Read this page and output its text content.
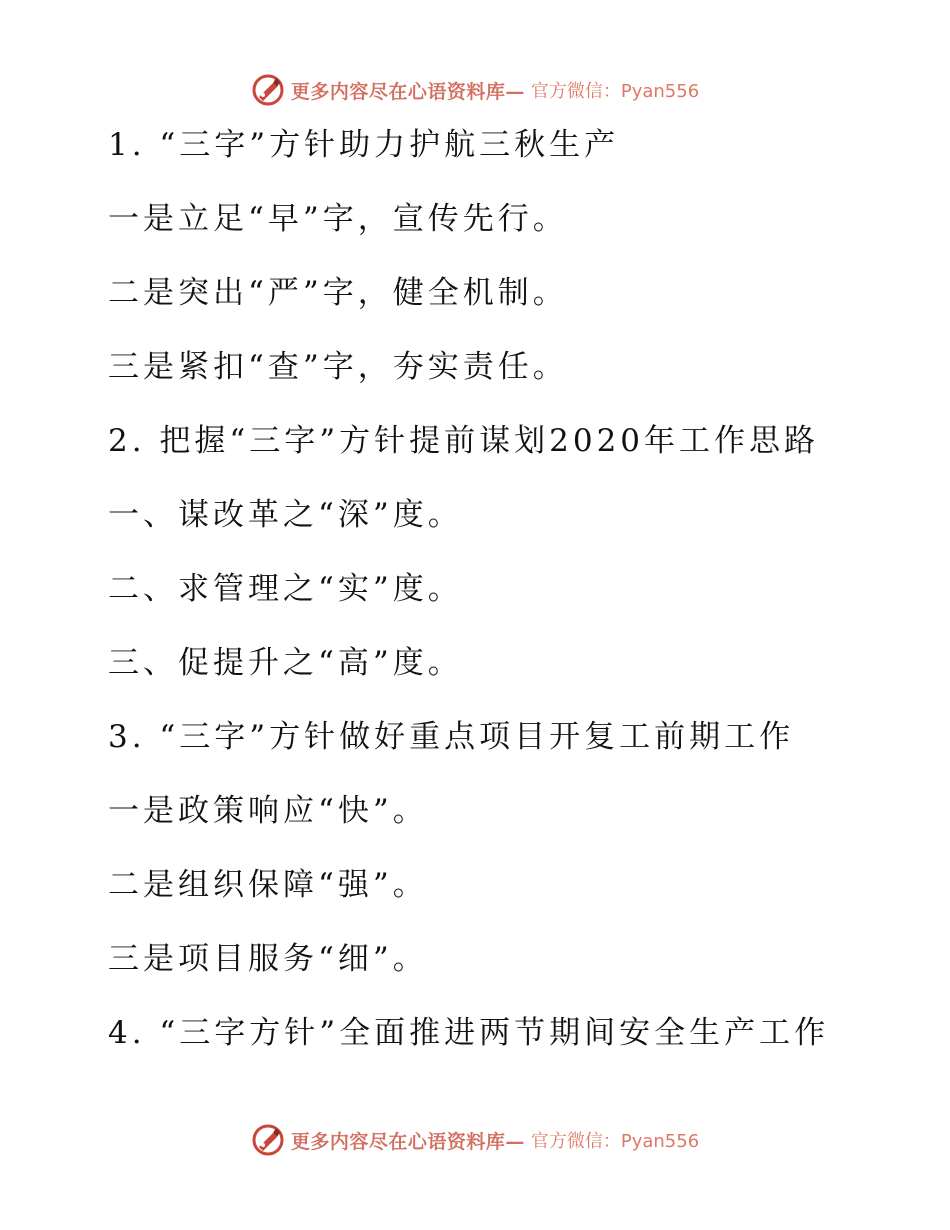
更多内容尽在心语资料库— 官方微信：Pyan556
1. “三字”方针助力护航三秋生产
一是立足“早”字，宣传先行。
二是突出“严”字，健全机制。
三是紧扣“查”字，夯实责任。
2. 把握“三字”方针提前谋划2020年工作思路
一、谋改革之“深”度。
二、求管理之“实”度。
三、促提升之“高”度。
3. “三字”方针做好重点项目开复工前期工作
一是政策响应“快”。
二是组织保障“强”。
三是项目服务“细”。
4. “三字方针”全面推进两节期间安全生产工作
更多内容尽在心语资料库— 官方微信：Pyan556
